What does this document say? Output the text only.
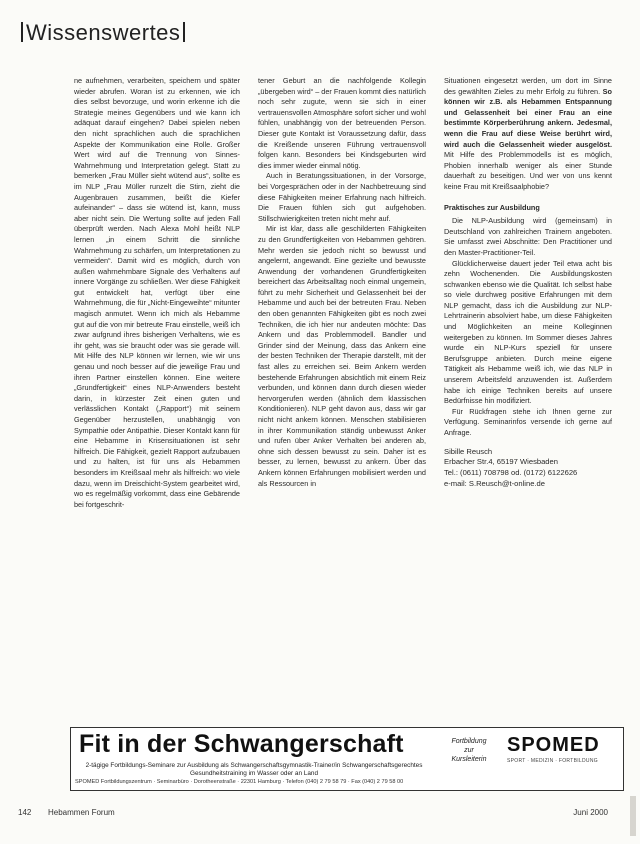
Wissenswertes

ne aufnehmen, verarbeiten, speichern und später wieder abrufen. Woran ist zu erkennen, wie ich dies selbst bevorzuge, und worin erkenne ich die Strategie meines Gegenübers und wie kann ich adäquat darauf eingehen? Dabei spielen neben den nicht sprachlichen auch die sprachlichen Aspekte der Kommunikation eine Rolle. Großer Wert wird auf die Trennung von Sinnes-Wahrnehmung und Interpretation gelegt. Statt zu bemerken „Frau Müller sieht wütend aus“, sollte es im NLP „Frau Müller runzelt die Stirn, zieht die Augenbrauen zusammen, beißt die Kiefer aufeinander“ – dass sie wütend ist, kann, muss aber nicht sein. Die Wertung sollte auf jeden Fall überprüft werden. Nach Alexa Mohl heißt NLP lernen „in einem Schritt die sinnliche Wahrnehmung zu schärfen, um Interpretationen zu vermeiden“. Damit wird es möglich, durch von außen wahrnehmbare Signale des Verhaltens auf innere Vorgänge zu schließen. Wer diese Fähigkeit gut entwickelt hat, verfügt über eine Wahrnehmung, die für „Nicht-Eingeweihte“ mitunter magisch anmutet. Wenn ich mich als Hebamme gut auf die von mir betreute Frau einstelle, weiß ich zwar aufgrund ihres bisherigen Verhaltens, wie es ihr geht, was sie braucht oder was sie gerade will. Mit Hilfe des NLP können wir lernen, wie wir uns genau und noch besser auf die jeweilige Frau und ihren Partner einstellen können. Eine weitere „Grundfertigkeit“ eines NLP-Anwenders besteht darin, in kürzester Zeit einen guten und verlässlichen Kontakt („Rapport“) mit seinem Gegenüber herzustellen, unabhängig von Sympathie oder Antipathie. Dieser Kontakt kann für eine Hebamme in Krisensituationen ist sehr hilfreich. Die Fähigkeit, gezielt Rapport aufzubauen und zu halten, ist für uns als Hebammen besonders im Kreißsaal mehr als hilfreich: wo viele dazu, wenn im Dreischicht-System gearbeitet wird, wo es regelmäßig vorkommt, dass eine Gebärende bei fortgeschrit-

tener Geburt an die nachfolgende Kollegin „übergeben wird“ – der Frauen kommt dies natürlich noch sehr zugute, wenn sie sich in einer vertrauensvollen Atmosphäre sofort sicher und wohl fühlen, unabhängig von der betreuenden Person. Dieser gute Kontakt ist Voraussetzung dafür, dass die Kreißende unseren Führung vertrauensvoll folgen kann. Besonders bei Kindsgeburten wird dies immer wieder einmal nötig.

Auch in Beratungssituationen, in der Vorsorge, bei Vorgesprächen oder in der Nachbetreuung sind diese Fähigkeiten meiner Erfahrung nach hilfreich. Die Frauen fühlen sich gut aufgehoben. Stillschwierigkeiten treten nicht mehr auf.

Mir ist klar, dass alle geschilderten Fähigkeiten zu den Grundfertigkeiten von Hebammen gehören. Mehr werden sie jedoch nicht so bewusst und angelernt, angewandt. Eine gezielte und bewusste Anwendung der vorhandenen Grundfertigkeiten bereichert das Arbeitsalltag noch einmal ungemein, führt zu mehr Sicherheit und Gelassenheit bei der Hebamme und auch bei der betreuten Frau. Neben den oben genannten Fähigkeiten gibt es noch zwei Techniken, die ich hier nur andeuten möchte: Das Ankern und das Problemmodell. Bandler und Grinder sind der Meinung, dass das Ankern eine der besten Techniken der Therapie darstellt, mit der fast alles zu erreichen sei. Beim Ankern werden bestehende Erfahrungen absichtlich mit einem Reiz verbunden, und können dann durch diesen wieder hervorgerufen werden (ähnlich dem klassischen Konditionieren). NLP geht davon aus, dass wir gar nicht nicht ankern können. Menschen stabilisieren in ihrer Kommunikation ständig unbewusst Anker und rufen über Anker Verhalten bei anderen ab, ohne sich dessen bewusst zu sein. Daher ist es besser, zu lernen, bewusst zu ankern. Über das Ankern können Erfahrungen mobilisiert werden und als Ressourcen in

Situationen eingesetzt werden, um dort im Sinne des gewählten Zieles zu mehr Erfolg zu führen. So können wir z.B. als Hebammen Entspannung und Gelassenheit bei einer Frau an eine bestimmte Körperberührung ankern. Jedesmal, wenn die Frau auf diese Weise berührt wird, wird auch die Gelassenheit wieder ausgelöst. Mit Hilfe des Problemmodells ist es möglich, Phobien innerhalb weniger als einer Stunde dauerhaft zu beseitigen. Und wer von uns kennt keine Frau mit Kreißsaalphobie?

Praktisches zur Ausbildung

Die NLP-Ausbildung wird (gemeinsam) in Deutschland von zahlreichen Trainern angeboten. Sie umfasst zwei Abschnitte: Den Practitioner und den Master-Practitioner-Teil.

Glücklicherweise dauert jeder Teil etwa acht bis zehn Wochenenden. Die Ausbildungskosten schwanken ebenso wie die Qualität. Ich selbst habe so viele durchweg positive Erfahrungen mit dem NLP gemacht, dass ich die Ausbildung zur NLP-Lehrtrainerin absolviert habe, um diese Fähigkeiten und Möglichkeiten an meine Kolleginnen weitergeben zu können. Im Sommer dieses Jahres wurde ein NLP-Kurs speziell für unsere Berufsgruppe anbieten. Durch meine eigene Tätigkeit als Hebamme weiß ich, wie das NLP in unserem Arbeitsfeld anzuwenden ist. Außerdem habe ich einige Techniken bereits auf unsere Bedürfnisse hin modifiziert.

Für Rückfragen stehe ich Ihnen gerne zur Verfügung. Seminarinfos versende ich gerne auf Anfrage.

Sibille Reusch
Erbacher Str.4, 65197 Wiesbaden
Tel.: (0611) 708798 od. (0172) 6122626
e-mail: S.Reusch@t-online.de
Fit in der Schwangerschaft
2-tägige Fortbildungs-Seminare zur Ausbildung als Schwangerschaftsgymnastik-Trainer/in Schwangerschaftsgerechtes Gesundheitstraining im Wasser oder an Land
Fortbildung
zur
Kursleiterin
SPOMED
SPORT · MEDIZIN · FORTBILDUNG
SPOMED Fortbildungszentrum · Seminarbüro · Dorotheenstraße · 22301 Hamburg · Telefon (040) 2 79 58 79 · Fax (040) 2 79 58 00
142 Hebammen Forum	Juni 2000
